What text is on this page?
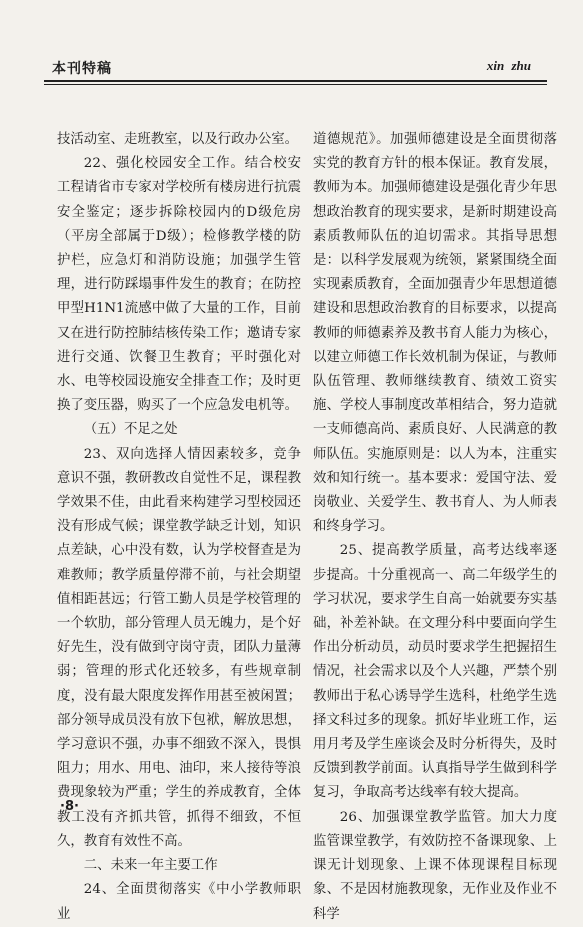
本刊特稿	xin zhu

技活动室、走班教室，以及行政办公室。

22、强化校园安全工作。结合校安工程请省市专家对学校所有楼房进行抗震安全鉴定；逐步拆除校园内的D级危房（平房全部属于D级）；检修教学楼的防护栏，应急灯和消防设施；加强学生管理，进行防踩塌事件发生的教育；在防控甲型H1N1流感中做了大量的工作，目前又在进行防控肺结核传染工作；邀请专家进行交通、饮餐卫生教育；平时强化对水、电等校园设施安全排查工作；及时更换了变压器，购买了一个应急发电机等。

（五）不足之处

23、双向选择人情因素较多，竞争意识不强，教研教改自觉性不足，课程教学效果不佳，由此看来构建学习型校园还没有形成气候；课堂教学缺乏计划，知识点差缺，心中没有数，认为学校督查是为难教师；教学质量停滞不前，与社会期望值相距甚远；行管工勤人员是学校管理的一个软肋，部分管理人员无魄力，是个好好先生，没有做到守岗守责，团队力量薄弱；管理的形式化还较多，有些规章制度，没有最大限度发挥作用甚至被闲置；部分领导成员没有放下包袱，解放思想，学习意识不强，办事不细致不深入，畏惧阻力；用水、用电、油印，来人接待等浪费现象较为严重；学生的养成教育，全体教工没有齐抓共管，抓得不细致，不恒久，教育有效性不高。

二、未来一年主要工作

24、全面贯彻落实《中小学教师职业

道德规范》。加强师德建设是全面贯彻落实党的教育方针的根本保证。教育发展，教师为本。加强师德建设是强化青少年思想政治教育的现实要求，是新时期建设高素质教师队伍的迫切需求。其指导思想是：以科学发展观为统领，紧紧围绕全面实现素质教育，全面加强青少年思想道德建设和思想政治教育的目标要求，以提高教师的师德素养及教书育人能力为核心，以建立师德工作长效机制为保证，与教师队伍管理、教师继续教育、绩效工资实施、学校人事制度改革相结合，努力造就一支师德高尚、素质良好、人民满意的教师队伍。实施原则是：以人为本，注重实效和知行统一。基本要求：爱国守法、爱岗敬业、关爱学生、教书育人、为人师表和终身学习。

25、提高教学质量，高考达线率逐步提高。十分重视高一、高二年级学生的学习状况，要求学生自高一始就要夯实基础，补差补缺。在文理分科中要面向学生作出分析动员，动员时要求学生把握招生情况，社会需求以及个人兴趣，严禁个别教师出于私心诱导学生选科，杜绝学生选择文科过多的现象。抓好毕业班工作，运用月考及学生座谈会及时分析得失，及时反馈到教学前面。认真指导学生做到科学复习，争取高考达线率有较大提高。

26、加强课堂教学监管。加大力度监管课堂教学，有效防控不备课现象、上课无计划现象、上课不体现课程目标现象、不是因材施教现象，无作业及作业不科学

·8·
